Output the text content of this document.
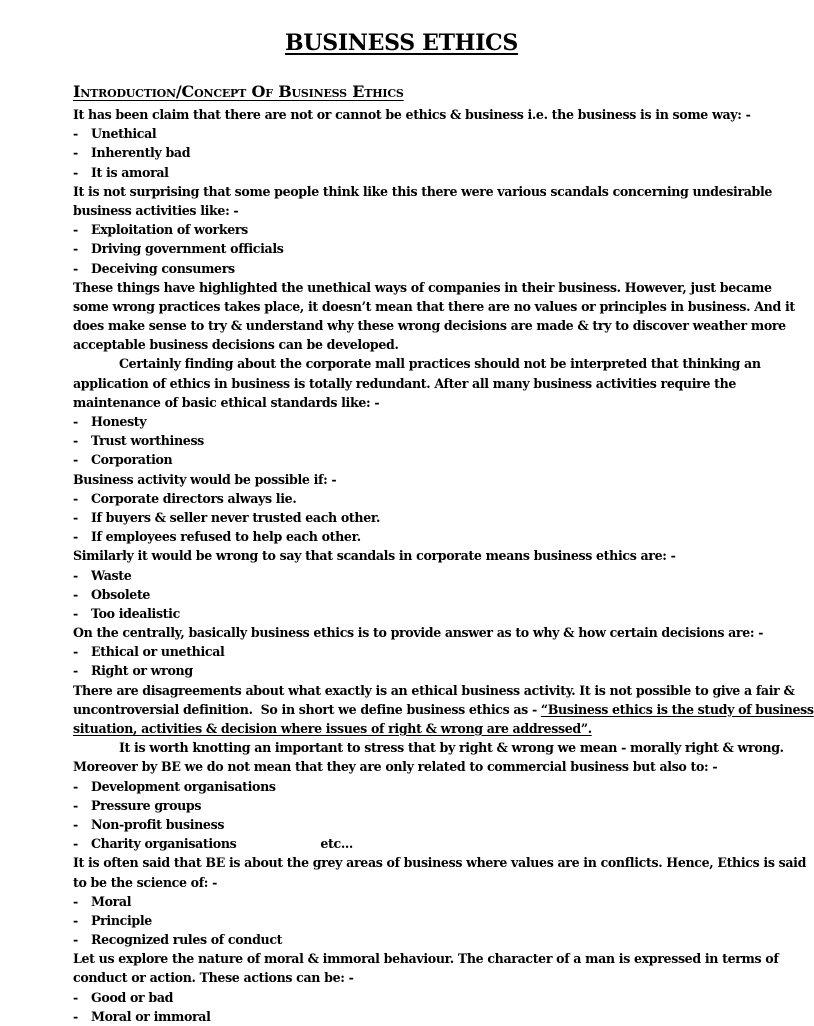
BUSINESS ETHICS
Introduction/Concept Of Business Ethics
It has been claim that there are not or cannot be ethics & business i.e. the business is in some way: -
- Unethical
- Inherently bad
- It is amoral
It is not surprising that some people think like this there were various scandals concerning undesirable
business activities like: -
- Exploitation of workers
- Driving government officials
- Deceiving consumers
These things have highlighted the unethical ways of companies in their business. However, just became
some wrong practices takes place, it doesn’t mean that there are no values or principles in business. And it
does make sense to try & understand why these wrong decisions are made & try to discover weather more
acceptable business decisions can be developed.
Certainly finding about the corporate mall practices should not be interpreted that thinking an
application of ethics in business is totally redundant. After all many business activities require the
maintenance of basic ethical standards like: -
- Honesty
- Trust worthiness
- Corporation
Business activity would be possible if: -
- Corporate directors always lie.
- If buyers & seller never trusted each other.
- If employees refused to help each other.
Similarly it would be wrong to say that scandals in corporate means business ethics are: -
- Waste
- Obsolete
- Too idealistic
On the centrally, basically business ethics is to provide answer as to why & how certain decisions are: -
- Ethical or unethical
- Right or wrong
There are disagreements about what exactly is an ethical business activity. It is not possible to give a fair &
uncontroversial definition.  So in short we define business ethics as - “Business ethics is the study of business
situation, activities & decision where issues of right & wrong are addressed”.
It is worth knotting an important to stress that by right & wrong we mean - morally right & wrong.
Moreover by BE we do not mean that they are only related to commercial business but also to: -
- Development organisations
- Pressure groups
- Non-profit business
- Charity organisations	etc...
It is often said that BE is about the grey areas of business where values are in conflicts. Hence, Ethics is said
to be the science of: -
- Moral
- Principle
- Recognized rules of conduct
Let us explore the nature of moral & immoral behaviour. The character of a man is expressed in terms of
conduct or action. These actions can be: -
- Good or bad
- Moral or immoral
